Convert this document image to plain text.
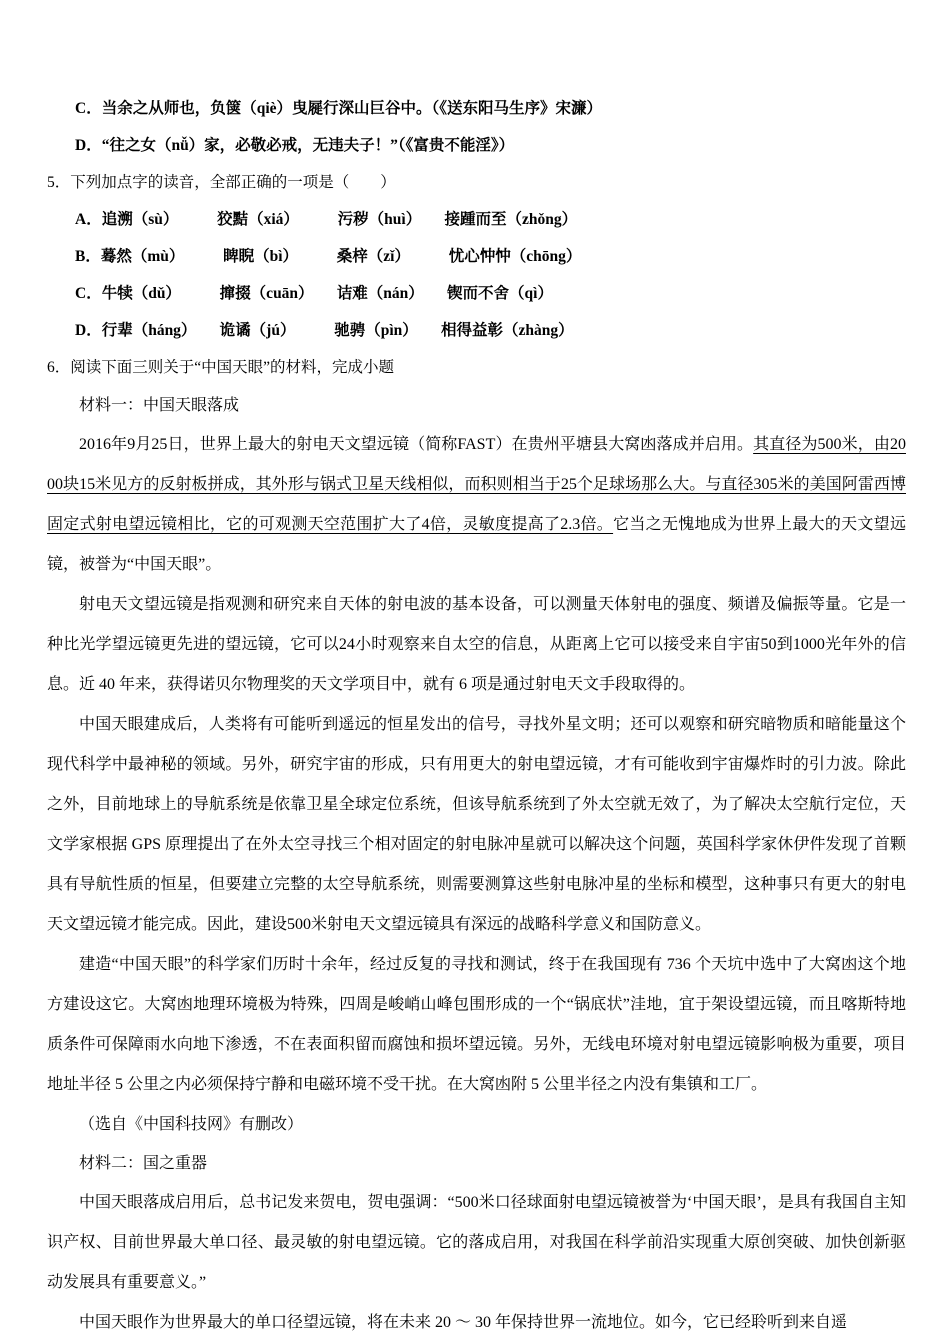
C．当余之从师也，负箧（qiè）曳屣行深山巨谷中。（《送东阳马生序》宋濂）
D．“往之女（nǚ）家，必敬必戒，无违夫子！”（《富贵不能淫》）
5．下列加点字的读音，全部正确的一项是（　　）
A．追溯（sù）　　　狡黠（xiá）　　　污秽（huì）　　接踵而至（zhǒng）
B．蓦然（mù）　　　睥睨（bì）　　　桑梓（zǐ）　　　忧心忡忡（chōng）
C．牛犊（dǔ）　　　撺掇（cuān）　　诘难（nán）　　锲而不舍（qì）
D．行辈（háng）　　诡谲（jú）　　　驰骋（pìn）　　相得益彰（zhàng）
6．阅读下面三则关于“中国天眼”的材料，完成小题
材料一：中国天眼落成

2016年9月25日，世界上最大的射电天文望远镜（简称FAST）在贵州平塘县大窝凼落成并启用。其直径为500米，由2000块15米见方的反射板拼成，其外形与锅式卫星天线相似，而积则相当于25个足球场那么大。与直径305米的美国阿雷西博固定式射电望远镜相比，它的可观测天空范围扩大了4倍，灵敏度提高了2.3倍。它当之无愧地成为世界上最大的天文望远镜，被誉为“中国天眼”。

射电天文望远镜是指观测和研究来自天体的射电波的基本设备，可以测量天体射电的强度、频谱及偏振等量。它是一种比光学望远镜更先进的望远镜，它可以24小时观察来自太空的信息，从距离上它可以接受来自宇宙50到1000光年外的信息。近 40 年来，获得诺贝尔物理奖的天文学项目中，就有 6 项是通过射电天文手段取得的。

中国天眼建成后，人类将有可能听到遥远的恒星发出的信号，寻找外星文明；还可以观察和研究暗物质和暗能量这个现代科学中最神秘的领域。另外，研究宇宙的形成，只有用更大的射电望远镜，才有可能收到宇宙爆炸时的引力波。除此之外，目前地球上的导航系统是依靠卫星全球定位系统，但该导航系统到了外太空就无效了，为了解决太空航行定位，天文学家根据 GPS 原理提出了在外太空寻找三个相对固定的射电脉冲星就可以解决这个问题，英国科学家休伊件发现了首颗具有导航性质的恒星，但要建立完整的太空导航系统，则需要测算这些射电脉冲星的坐标和模型，这种事只有更大的射电天文望远镜才能完成。因此，建设500米射电天文望远镜具有深远的战略科学意义和国防意义。

建造“中国天眼”的科学家们历时十余年，经过反复的寻找和测试，终于在我国现有 736 个天坑中选中了大窝凼这个地方建设这它。大窝凼地理环境极为特殊，四周是峻峭山峰包围形成的一个“锅底状”洼地，宜于架设望远镜，而且喀斯特地质条件可保障雨水向地下渗透，不在表面积留而腐蚀和损坏望远镜。另外，无线电环境对射电望远镜影响极为重要，项目地址半径 5 公里之内必须保持宁静和电磁环境不受干扰。在大窝凼附 5 公里半径之内没有集镇和工厂。

（选自《中国科技网》有删改）
材料二：国之重器

中国天眼落成启用后，总书记发来贺电，贺电强调：“500米口径球面射电望远镜被誉为‘中国天眼’，是具有我国自主知识产权、目前世界最大单口径、最灵敏的射电望远镜。它的落成启用，对我国在科学前沿实现重大原创突破、加快创新驱动发展具有重要意义。”

中国天眼作为世界最大的单口径望远镜，将在未来 20 ～ 30 年保持世界一流地位。如今，它已经聆听到来自遥
